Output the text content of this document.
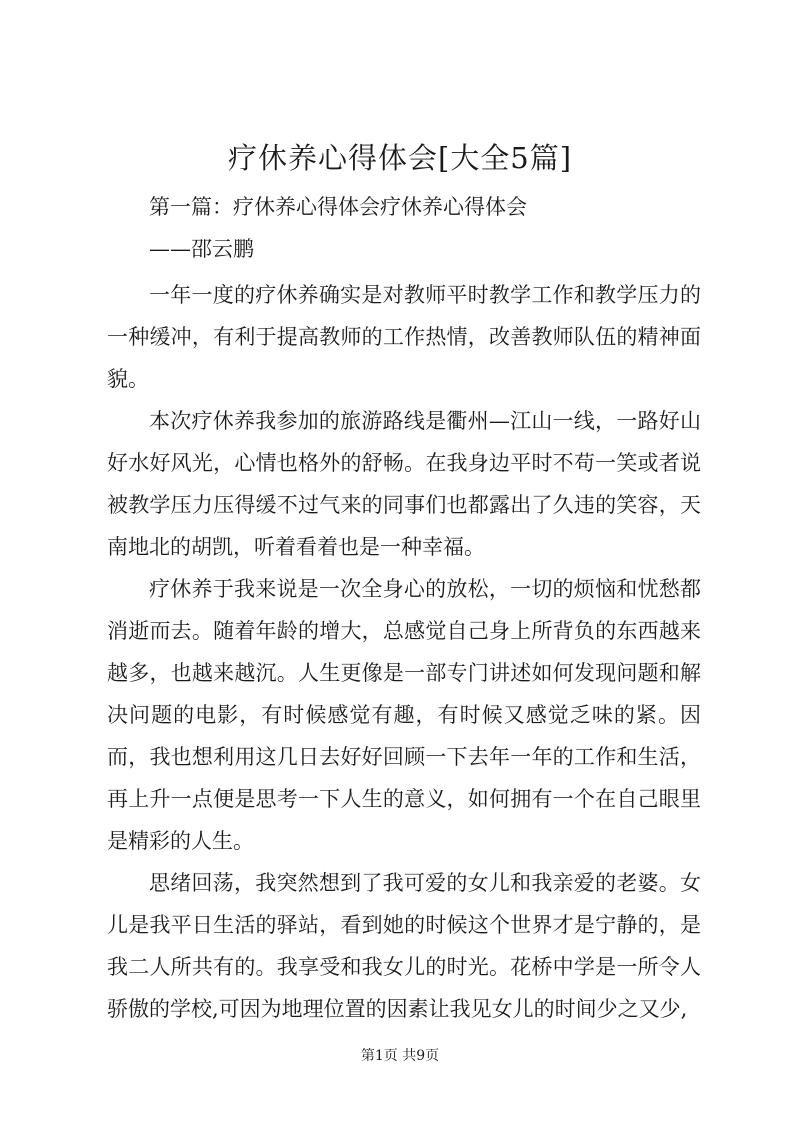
疗休养心得体会[大全5篇]

第一篇：疗休养心得体会疗休养心得体会

——邵云鹏

一年一度的疗休养确实是对教师平时教学工作和教学压力的一种缓冲，有利于提高教师的工作热情，改善教师队伍的精神面貌。

本次疗休养我参加的旅游路线是衢州—江山一线，一路好山好水好风光，心情也格外的舒畅。在我身边平时不苟一笑或者说被教学压力压得缓不过气来的同事们也都露出了久违的笑容，天南地北的胡凯，听着看着也是一种幸福。

疗休养于我来说是一次全身心的放松，一切的烦恼和忧愁都消逝而去。随着年龄的增大，总感觉自己身上所背负的东西越来越多，也越来越沉。人生更像是一部专门讲述如何发现问题和解决问题的电影，有时候感觉有趣，有时候又感觉乏味的紧。因而，我也想利用这几日去好好回顾一下去年一年的工作和生活，再上升一点便是思考一下人生的意义，如何拥有一个在自己眼里是精彩的人生。

思绪回荡，我突然想到了我可爱的女儿和我亲爱的老婆。女儿是我平日生活的驿站，看到她的时候这个世界才是宁静的，是我二人所共有的。我享受和我女儿的时光。花桥中学是一所令人骄傲的学校,可因为地理位置的因素让我见女儿的时间少之又少,

第1页 共9页
